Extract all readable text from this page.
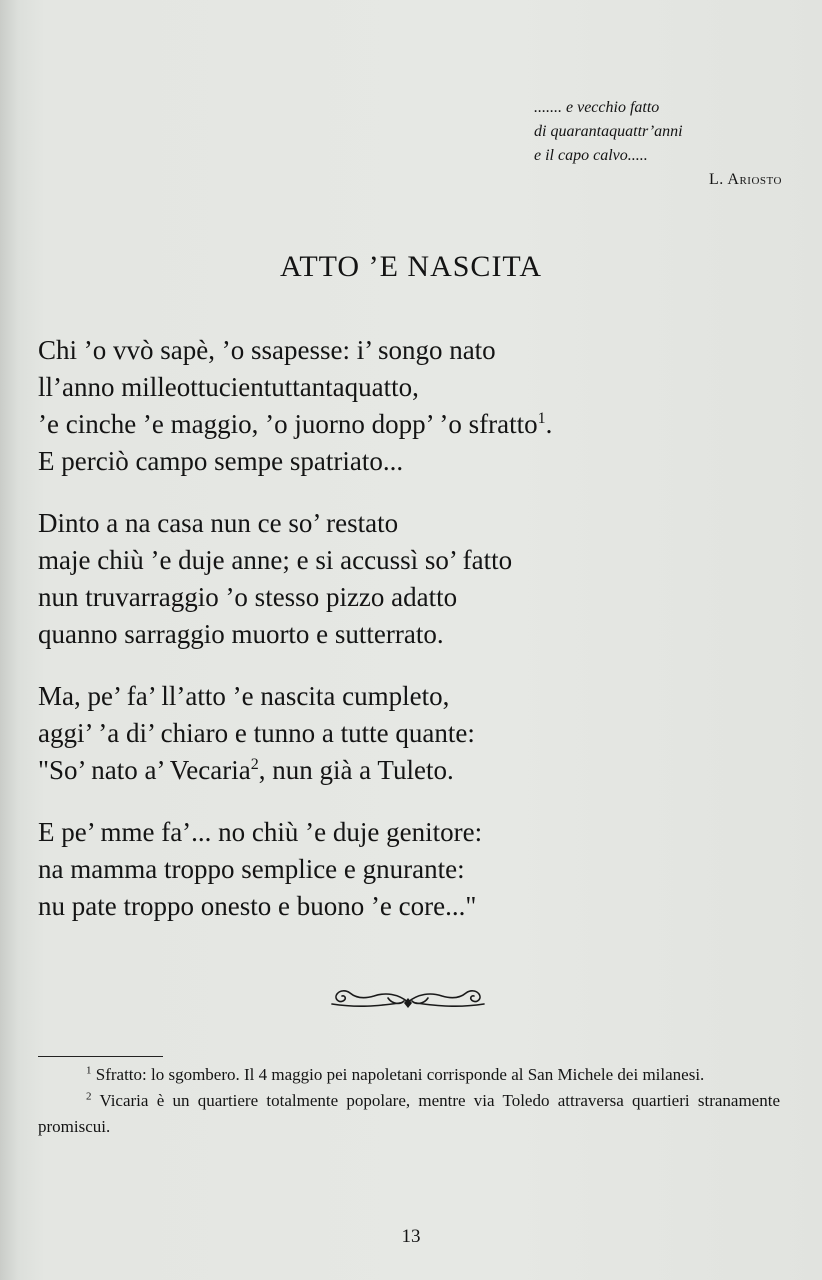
....... e vecchio fatto
di quarantaquattr’anni
e il capo calvo.....
L. Ariosto
ATTO ’E NASCITA
Chi ’o vvò sapè, ’o ssapesse: i’ songo nato
ll’anno milleottucientuttantaquatto,
’e cinche ’e maggio, ’o juorno dopp’ ’o sfratto$^1$.
E perciò campo sempe spatriato...
Dinto a na casa nun ce so’ restato
maje chiù ’e duje anne; e si accussì so’ fatto
nun truvarraggio ’o stesso pizzo adatto
quanno sarraggio muorto e sutterrato.
Ma, pe’ fa’ ll’atto ’e nascita cumpleto,
aggi’ ’a di’ chiaro e tunno a tutte quante:
"So’ nato a’ Vecaria$^2$, nun già a Tuleto.
E pe’ mme fa’... no chiù ’e duje genitore:
na mamma troppo semplice e gnurante:
nu pate troppo onesto e buono ’e core..."

$^1$ Sfratto: lo sgombero. Il 4 maggio pei napoletani corrisponde al San Michele dei milanesi.

$^2$ Vicaria è un quartiere totalmente popolare, mentre via Toledo attraversa quartieri stranamente promiscui.

13
